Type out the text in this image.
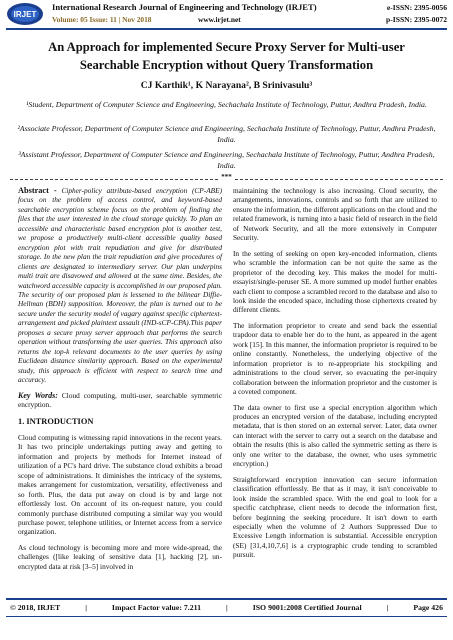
IRJET
International Research Journal of Engineering and Technology (IRJET)
Volume: 05 Issue: 11 | Nov 2018	www.irjet.net
e-ISSN: 2395-0056
p-ISSN: 2395-0072
An Approach for implemented Secure Proxy Server for Multi-user
Searchable Encryption without Query Transformation
CJ Karthik¹, K Narayana², B Srinivasulu³
¹Student, Department of Computer Science and Engineering, Sechachala Institute of Technology, Puttur, Andhra Pradesh, India.
²Associate Professor, Department of Computer Science and Engineering, Sechachala Institute of Technology, Puttur, Andhra Pradesh, India.
³Assistant Professor, Department of Computer Science and Engineering, Sechachala Institute of Technology, Puttur, Andhra Pradesh, India.
***

Abstract - Cipher-policy attribute-based encryption (CP-ABE) focus on the problem of access control, and keyword-based searchable encryption scheme focus on the problem of finding the files that the user interested in the cloud storage quickly. To plan an accessible and characteristic based encryption plot is another test, we propose a productively multi-client accessible quality based encryption plot with trait repudiation and give for distributed storage. In the new plan the trait repudiation and give procedures of clients are designated to intermediary server. Our plan underpins multi trait are disavowed and allowed at the same time. Besides, the watchword accessible capacity is accomplished in our proposed plan. The security of our proposed plan is lessened to the bilinear Diffie-Hellman (BDH) supposition. Moreover, the plan is turned out to be secure under the security model of vagary against specific ciphertext-arrangement and picked plaintext assault (IND-sCP-CPA).This paper proposes a secure proxy server approach that performs the search operation without transforming the user queries. This approach also returns the top-k relevant documents to the user queries by using Euclidean distance similarity approach. Based on the experimental study, this approach is efficient with respect to search time and accuracy.

Key Words: Cloud computing, multi-user, searchable symmetric encryption.

1. INTRODUCTION

Cloud computing is witnessing rapid innovations in the recent years. It has two principle undertakings putting away and getting to information and projects by methods for Internet instead of utilization of a PC's hard drive. The substance cloud exhibits a broad scope of administrations. It diminishes the intricacy of the systems, makes arrangement for customization, versatility, effectiveness and so forth. Plus, the data put away on cloud is by and large not effortlessly lost. On account of its on-request nature, you could commonly purchase distributed computing a similar way you would purchase power, telephone utilities, or Internet access from a service organization.

As cloud technology is becoming more and more wide-spread, the challenges ([like leaking of sensitive data [1], hacking [2], un-encrypted data at risk [3–5] involved in

maintaining the technology is also increasing. Cloud security, the arrangements, innovations, controls and so forth that are utilized to ensure the information, the different applications on the cloud and the related framework, is turning into a basic field of research in the field of Network Security, and all the more extensively in Computer Security.

In the setting of seeking on open key-encoded information, clients who scramble the information can be not quite the same as the proprietor of the decoding key. This makes the model for multi-essayist/single-peruser SE. A more summed up model further enables each client to compose a scrambled record to the database and also to look inside the encoded space, including those ciphertexts created by different clients.

The information proprietor to create and send back the essential trapdoor data to enable her do to the hunt, as appeared in the agent work [15]. In this manner, the information proprietor is required to be online constantly. Nonetheless, the underlying objective of the information proprietor is to re-appropriate his stockpiling and administrations to the cloud server, so evacuating the per-inquiry collaboration between the information proprietor and the customer is a coveted component.

The data owner to first use a special encryption algorithm which produces an encrypted version of the database, including encrypted metadata, that is then stored on an external server. Later, data owner can interact with the server to carry out a search on the database and obtain the results (this is also called the symmetric setting as there is only one writer to the database, the owner, who uses symmetric encryption.)

Straightforward encryption innovation can secure information classification effortlessly. Be that as it may, it isn't conceivable to look inside the scrambled space. With the end goal to look for a specific catchphrase, client needs to decode the information first, before beginning the seeking procedure. It isn't down to earth especially when the volumne of 2 Authors Suppressed Due to Excessive Length information is substantial. Accessible encryption (SE) [31,4,10,7,6] is a cryptographic crude tending to scrambled pursuit.

© 2018, IRJET	|	Impact Factor value: 7.211	|	ISO 9001:2008 Certified Journal	|	Page 426
